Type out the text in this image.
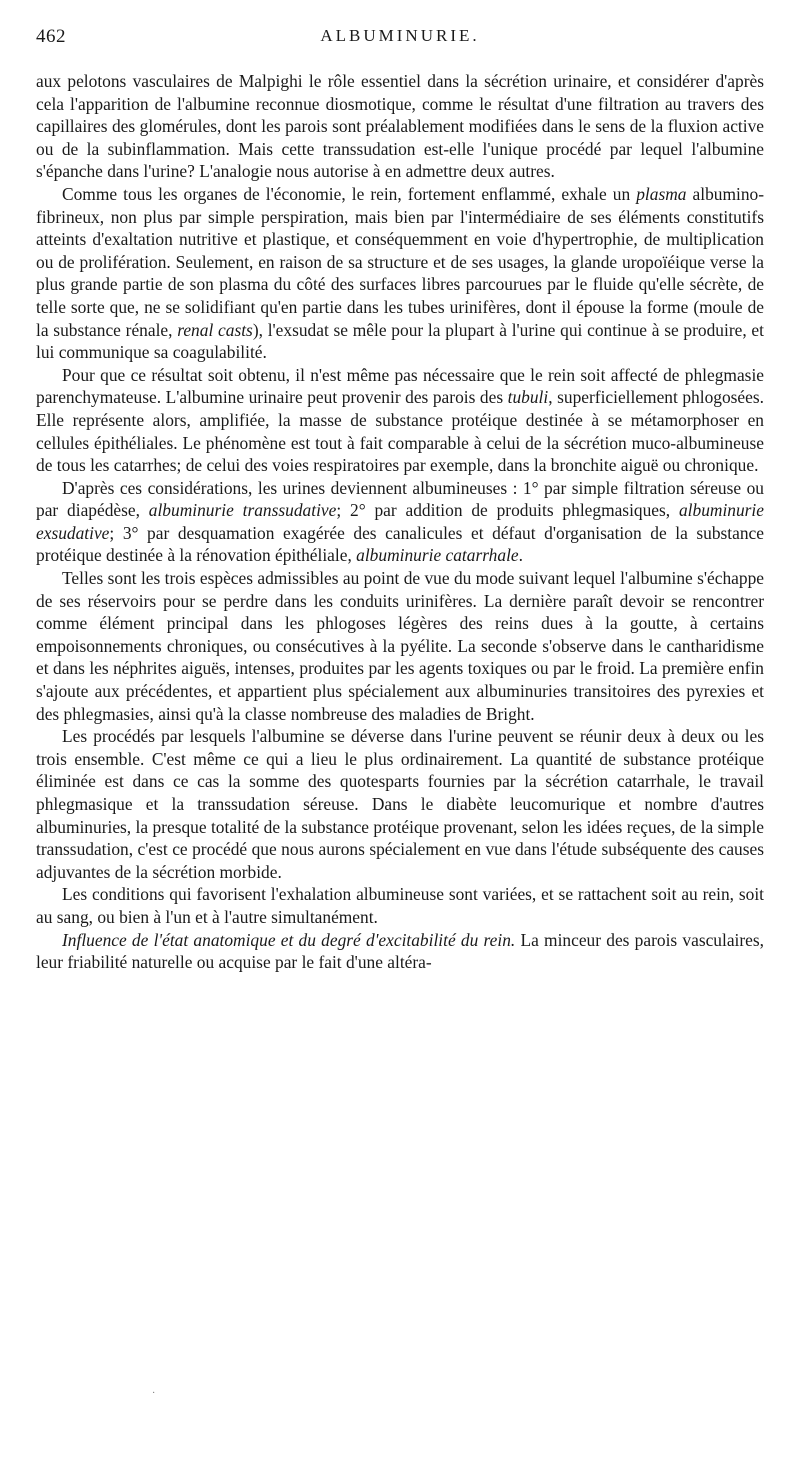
462	ALBUMINURIE.

aux pelotons vasculaires de Malpighi le rôle essentiel dans la sécrétion urinaire, et considérer d'après cela l'apparition de l'albumine reconnue diosmotique, comme le résultat d'une filtration au travers des capillaires des glomérules, dont les parois sont préalablement modifiées dans le sens de la fluxion active ou de la subinflammation. Mais cette transsudation est-elle l'unique procédé par lequel l'albumine s'épanche dans l'urine? L'analogie nous autorise à en admettre deux autres.

Comme tous les organes de l'économie, le rein, fortement enflammé, exhale un plasma albumino-fibrineux, non plus par simple perspiration, mais bien par l'intermédiaire de ses éléments constitutifs atteints d'exaltation nutritive et plastique, et conséquemment en voie d'hypertrophie, de multiplication ou de prolifération. Seulement, en raison de sa structure et de ses usages, la glande uropoïéique verse la plus grande partie de son plasma du côté des surfaces libres parcourues par le fluide qu'elle sécrète, de telle sorte que, ne se solidifiant qu'en partie dans les tubes urinifères, dont il épouse la forme (moule de la substance rénale, renal casts), l'exsudat se mêle pour la plupart à l'urine qui continue à se produire, et lui communique sa coagulabilité.

Pour que ce résultat soit obtenu, il n'est même pas nécessaire que le rein soit affecté de phlegmasie parenchymateuse. L'albumine urinaire peut provenir des parois des tubuli, superficiellement phlogosées. Elle représente alors, amplifiée, la masse de substance protéique destinée à se métamorphoser en cellules épithéliales. Le phénomène est tout à fait comparable à celui de la sécrétion muco-albumineuse de tous les catarrhes; de celui des voies respiratoires par exemple, dans la bronchite aiguë ou chronique.

D'après ces considérations, les urines deviennent albumineuses : 1° par simple filtration séreuse ou par diapédèse, albuminurie transsudative; 2° par addition de produits phlegmasiques, albuminurie exsudative; 3° par desquamation exagérée des canalicules et défaut d'organisation de la substance protéique destinée à la rénovation épithéliale, albuminurie catarrhale.

Telles sont les trois espèces admissibles au point de vue du mode suivant lequel l'albumine s'échappe de ses réservoirs pour se perdre dans les conduits urinifères. La dernière paraît devoir se rencontrer comme élément principal dans les phlogoses légères des reins dues à la goutte, à certains empoisonnements chroniques, ou consécutives à la pyélite. La seconde s'observe dans le cantharidisme et dans les néphrites aiguës, intenses, produites par les agents toxiques ou par le froid. La première enfin s'ajoute aux précédentes, et appartient plus spécialement aux albuminuries transitoires des pyrexies et des phlegmasies, ainsi qu'à la classe nombreuse des maladies de Bright.

Les procédés par lesquels l'albumine se déverse dans l'urine peuvent se réunir deux à deux ou les trois ensemble. C'est même ce qui a lieu le plus ordinairement. La quantité de substance protéique éliminée est dans ce cas la somme des quotesparts fournies par la sécrétion catarrhale, le travail phlegmasique et la transsudation séreuse. Dans le diabète leucomurique et nombre d'autres albuminuries, la presque totalité de la substance protéique provenant, selon les idées reçues, de la simple transsudation, c'est ce procédé que nous aurons spécialement en vue dans l'étude subséquente des causes adjuvantes de la sécrétion morbide.

Les conditions qui favorisent l'exhalation albumineuse sont variées, et se rattachent soit au rein, soit au sang, ou bien à l'un et à l'autre simultanément.

Influence de l'état anatomique et du degré d'excitabilité du rein. La minceur des parois vasculaires, leur friabilité naturelle ou acquise par le fait d'une altéra-

·
